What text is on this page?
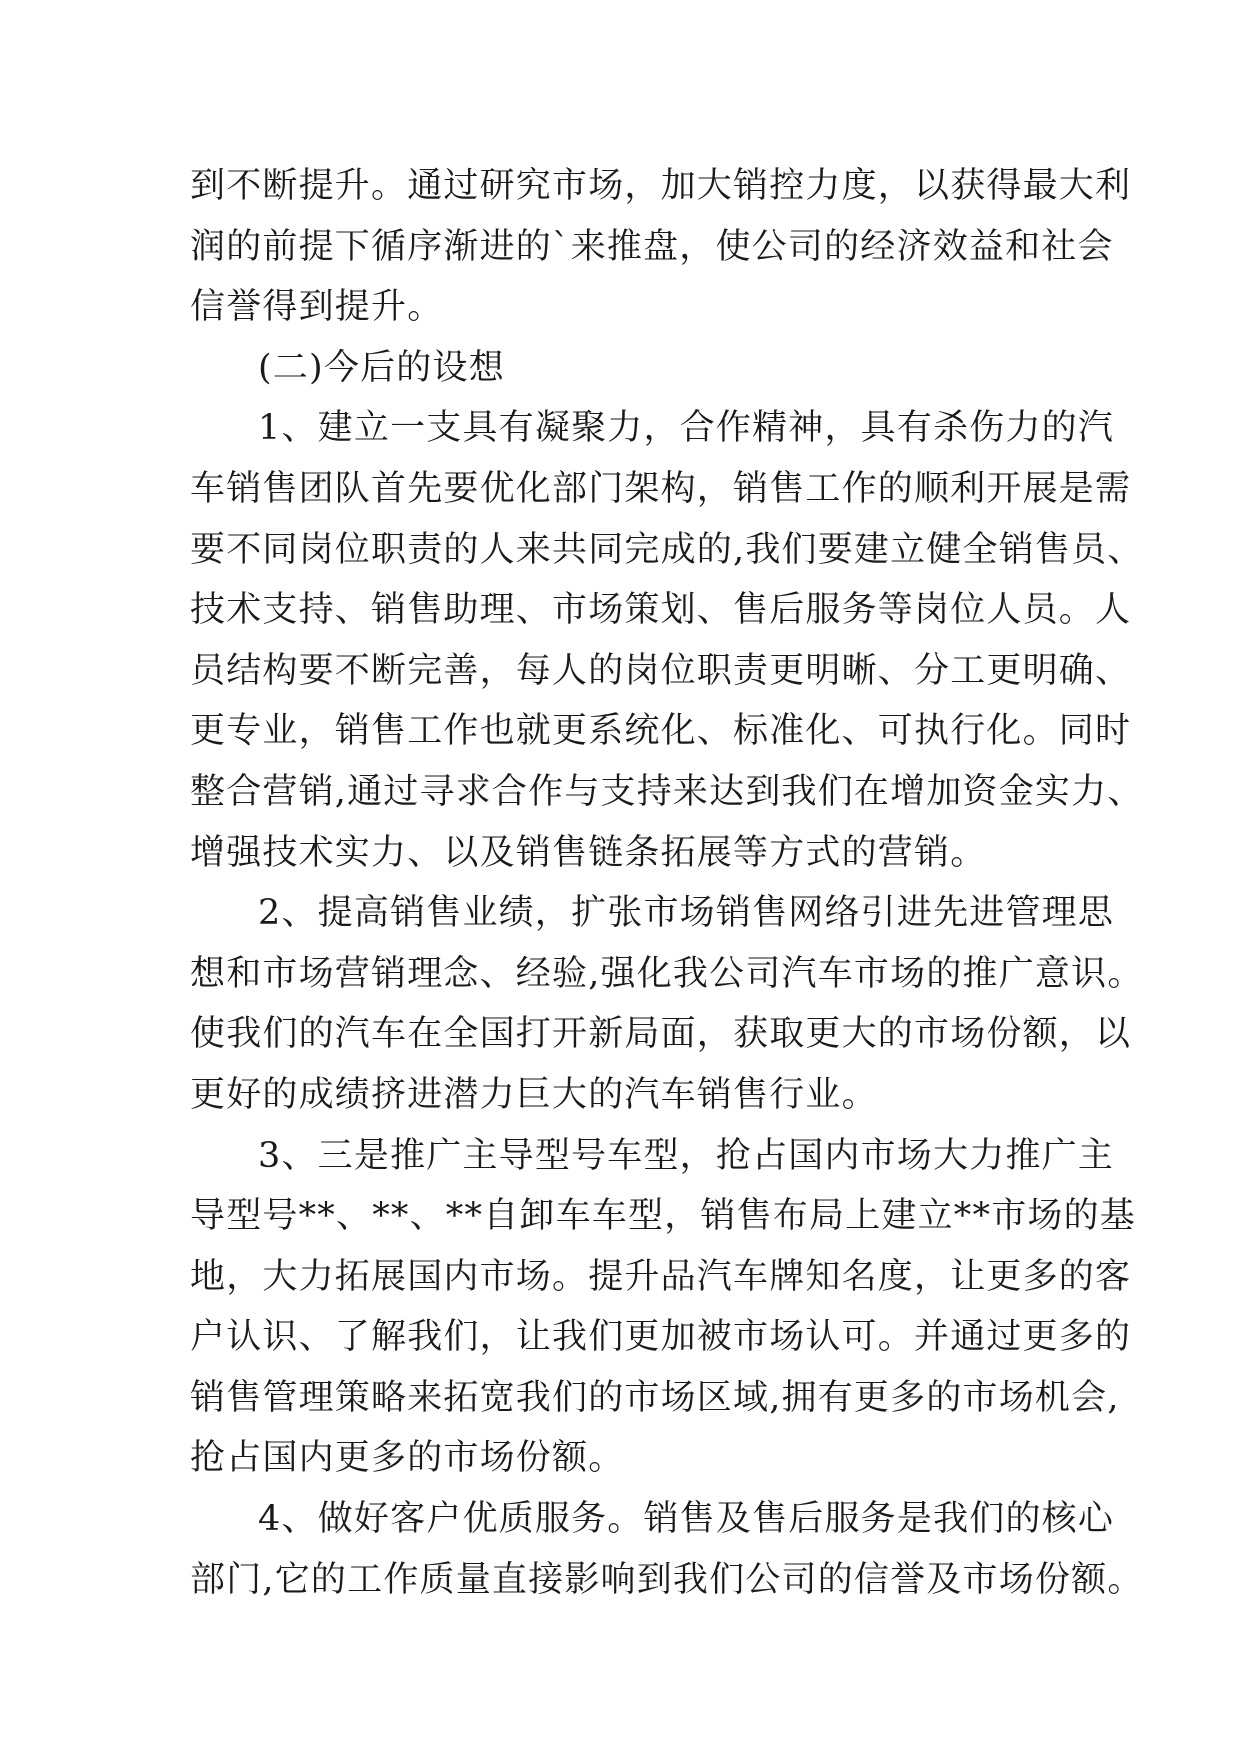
到不断提升。通过研究市场，加大销控力度，以获得最大利
润的前提下循序渐进的`来推盘，使公司的经济效益和社会
信誉得到提升。
(二)今后的设想
1、建立一支具有凝聚力，合作精神，具有杀伤力的汽
车销售团队首先要优化部门架构，销售工作的顺利开展是需
要不同岗位职责的人来共同完成的,我们要建立健全销售员、
技术支持、销售助理、市场策划、售后服务等岗位人员。人
员结构要不断完善，每人的岗位职责更明晰、分工更明确、
更专业，销售工作也就更系统化、标准化、可执行化。同时
整合营销,通过寻求合作与支持来达到我们在增加资金实力、
增强技术实力、以及销售链条拓展等方式的营销。
2、提高销售业绩，扩张市场销售网络引进先进管理思
想和市场营销理念、经验,强化我公司汽车市场的推广意识。
使我们的汽车在全国打开新局面，获取更大的市场份额，以
更好的成绩挤进潜力巨大的汽车销售行业。
3、三是推广主导型号车型，抢占国内市场大力推广主
导型号**、**、**自卸车车型，销售布局上建立**市场的基
地，大力拓展国内市场。提升品汽车牌知名度，让更多的客
户认识、了解我们，让我们更加被市场认可。并通过更多的
销售管理策略来拓宽我们的市场区域,拥有更多的市场机会,
抢占国内更多的市场份额。
4、做好客户优质服务。销售及售后服务是我们的核心
部门,它的工作质量直接影响到我们公司的信誉及市场份额。
